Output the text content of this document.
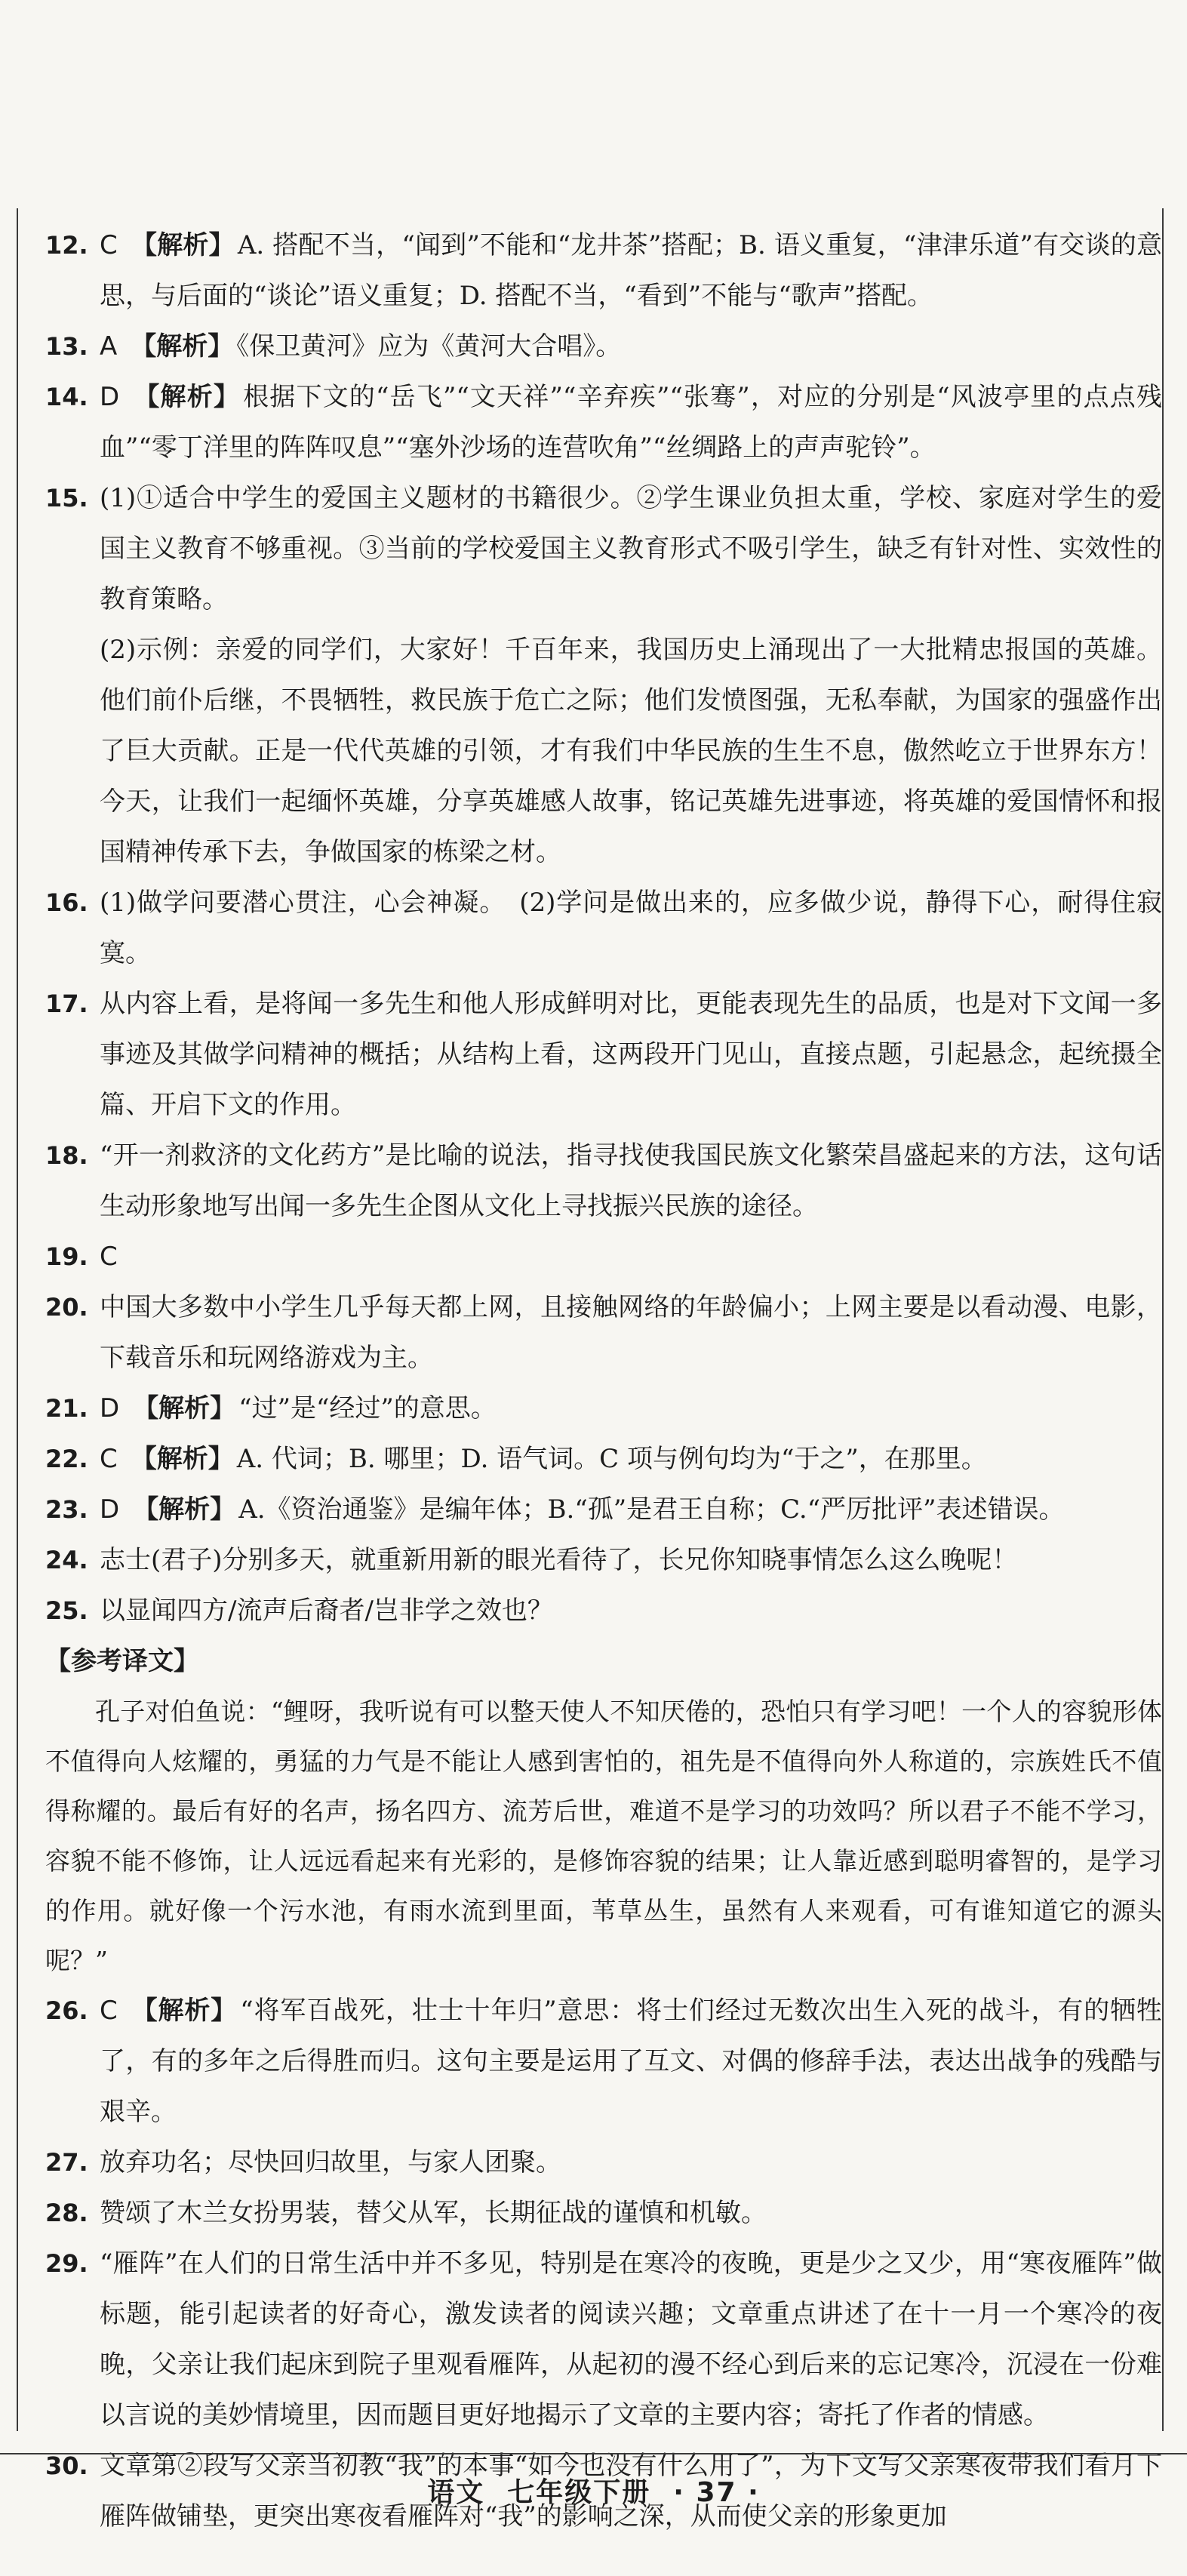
12. C 【解析】 A. 搭配不当，“闻到”不能和“龙井茶”搭配；B. 语义重复，“津津乐道”有交谈的意思，与后面的“谈论”语义重复；D. 搭配不当，“看到”不能与“歌声”搭配。

13. A 【解析】 《保卫黄河》应为《黄河大合唱》。

14. D 【解析】 根据下文的“岳飞”“文天祥”“辛弃疾”“张骞”，对应的分别是“风波亭里的点点残血”“零丁洋里的阵阵叹息”“塞外沙场的连营吹角”“丝绸路上的声声驼铃”。

15. (1)①适合中学生的爱国主义题材的书籍很少。②学生课业负担太重，学校、家庭对学生的爱国主义教育不够重视。③当前的学校爱国主义教育形式不吸引学生，缺乏有针对性、实效性的教育策略。

(2)示例：亲爱的同学们，大家好！千百年来，我国历史上涌现出了一大批精忠报国的英雄。他们前仆后继，不畏牺牲，救民族于危亡之际；他们发愤图强，无私奉献，为国家的强盛作出了巨大贡献。正是一代代英雄的引领，才有我们中华民族的生生不息，傲然屹立于世界东方！今天，让我们一起缅怀英雄，分享英雄感人故事，铭记英雄先进事迹，将英雄的爱国情怀和报国精神传承下去，争做国家的栋梁之材。

16. (1)做学问要潜心贯注，心会神凝。　(2)学问是做出来的，应多做少说，静得下心，耐得住寂寞。

17. 从内容上看，是将闻一多先生和他人形成鲜明对比，更能表现先生的品质，也是对下文闻一多事迹及其做学问精神的概括；从结构上看，这两段开门见山，直接点题，引起悬念，起统摄全篇、开启下文的作用。

18. “开一剂救济的文化药方”是比喻的说法，指寻找使我国民族文化繁荣昌盛起来的方法，这句话生动形象地写出闻一多先生企图从文化上寻找振兴民族的途径。

19. C

20. 中国大多数中小学生几乎每天都上网，且接触网络的年龄偏小；上网主要是以看动漫、电影，下载音乐和玩网络游戏为主。

21. D 【解析】 “过”是“经过”的意思。

22. C 【解析】 A. 代词；B. 哪里；D. 语气词。C 项与例句均为“于之”，在那里。

23. D 【解析】 A.《资治通鉴》是编年体；B.“孤”是君王自称；C.“严厉批评”表述错误。

24. 志士(君子)分别多天，就重新用新的眼光看待了，长兄你知晓事情怎么这么晚呢！

25. 以显闻四方/流声后裔者/岂非学之效也？

【参考译文】

孔子对伯鱼说：“鲤呀，我听说有可以整天使人不知厌倦的，恐怕只有学习吧！一个人的容貌形体不值得向人炫耀的，勇猛的力气是不能让人感到害怕的，祖先是不值得向外人称道的，宗族姓氏不值得称耀的。最后有好的名声，扬名四方、流芳后世，难道不是学习的功效吗？所以君子不能不学习，容貌不能不修饰，让人远远看起来有光彩的，是修饰容貌的结果；让人靠近感到聪明睿智的，是学习的作用。就好像一个污水池，有雨水流到里面，苇草丛生，虽然有人来观看，可有谁知道它的源头呢？”

26. C 【解析】 “将军百战死，壮士十年归”意思：将士们经过无数次出生入死的战斗，有的牺牲了，有的多年之后得胜而归。这句主要是运用了互文、对偶的修辞手法，表达出战争的残酷与艰辛。

27. 放弃功名；尽快回归故里，与家人团聚。

28. 赞颂了木兰女扮男装，替父从军，长期征战的谨慎和机敏。

29. “雁阵”在人们的日常生活中并不多见，特别是在寒冷的夜晚，更是少之又少，用“寒夜雁阵”做标题，能引起读者的好奇心，激发读者的阅读兴趣；文章重点讲述了在十一月一个寒冷的夜晚，父亲让我们起床到院子里观看雁阵，从起初的漫不经心到后来的忘记寒冷，沉浸在一份难以言说的美妙情境里，因而题目更好地揭示了文章的主要内容；寄托了作者的情感。

30. 文章第②段写父亲当初教“我”的本事“如今也没有什么用了”，为下文写父亲寒夜带我们看月下雁阵做铺垫，更突出寒夜看雁阵对“我”的影响之深，从而使父亲的形象更加

语文 七年级下册 · 37 ·
